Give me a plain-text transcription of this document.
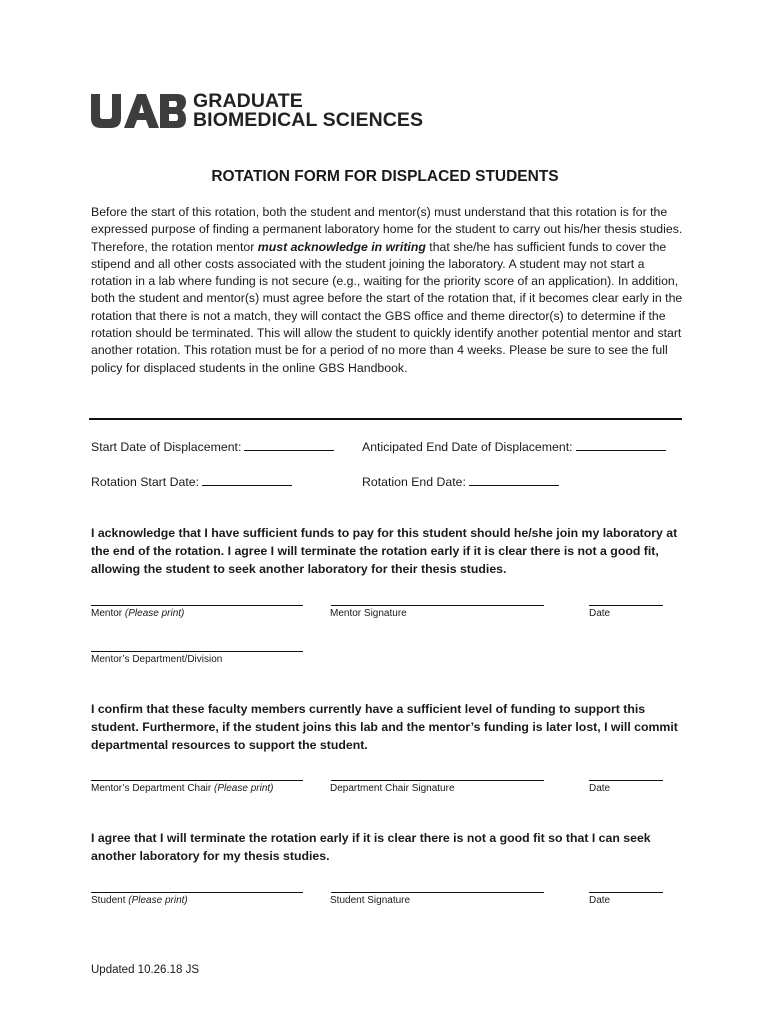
GRADUATE
BIOMEDICAL SCIENCES
ROTATION FORM FOR DISPLACED STUDENTS
Before the start of this rotation, both the student and mentor(s) must understand that this rotation is for the expressed purpose of finding a permanent laboratory home for the student to carry out his/her thesis studies. Therefore, the rotation mentor must acknowledge in writing that she/he has sufficient funds to cover the stipend and all other costs associated with the student joining the laboratory. A student may not start a rotation in a lab where funding is not secure (e.g., waiting for the priority score of an application). In addition, both the student and mentor(s) must agree before the start of the rotation that, if it becomes clear early in the rotation that there is not a match, they will contact the GBS office and theme director(s) to determine if the rotation should be terminated. This will allow the student to quickly identify another potential mentor and start another rotation. This rotation must be for a period of no more than 4 weeks. Please be sure to see the full policy for displaced students in the online GBS Handbook.
Start Date of Displacement:	Anticipated End Date of Displacement:
Rotation Start Date:	Rotation End Date:
I acknowledge that I have sufficient funds to pay for this student should he/she join my laboratory at the end of the rotation. I agree I will terminate the rotation early if it is clear there is not a good fit, allowing the student to seek another laboratory for their thesis studies.
Mentor (Please print)	Mentor Signature	Date
Mentor’s Department/Division
I confirm that these faculty members currently have a sufficient level of funding to support this student. Furthermore, if the student joins this lab and the mentor’s funding is later lost, I will commit departmental resources to support the student.
Mentor’s Department Chair (Please print)	Department Chair Signature	Date
I agree that I will terminate the rotation early if it is clear there is not a good fit so that I can seek another laboratory for my thesis studies.
Student (Please print)	Student Signature	Date
Updated 10.26.18 JS
